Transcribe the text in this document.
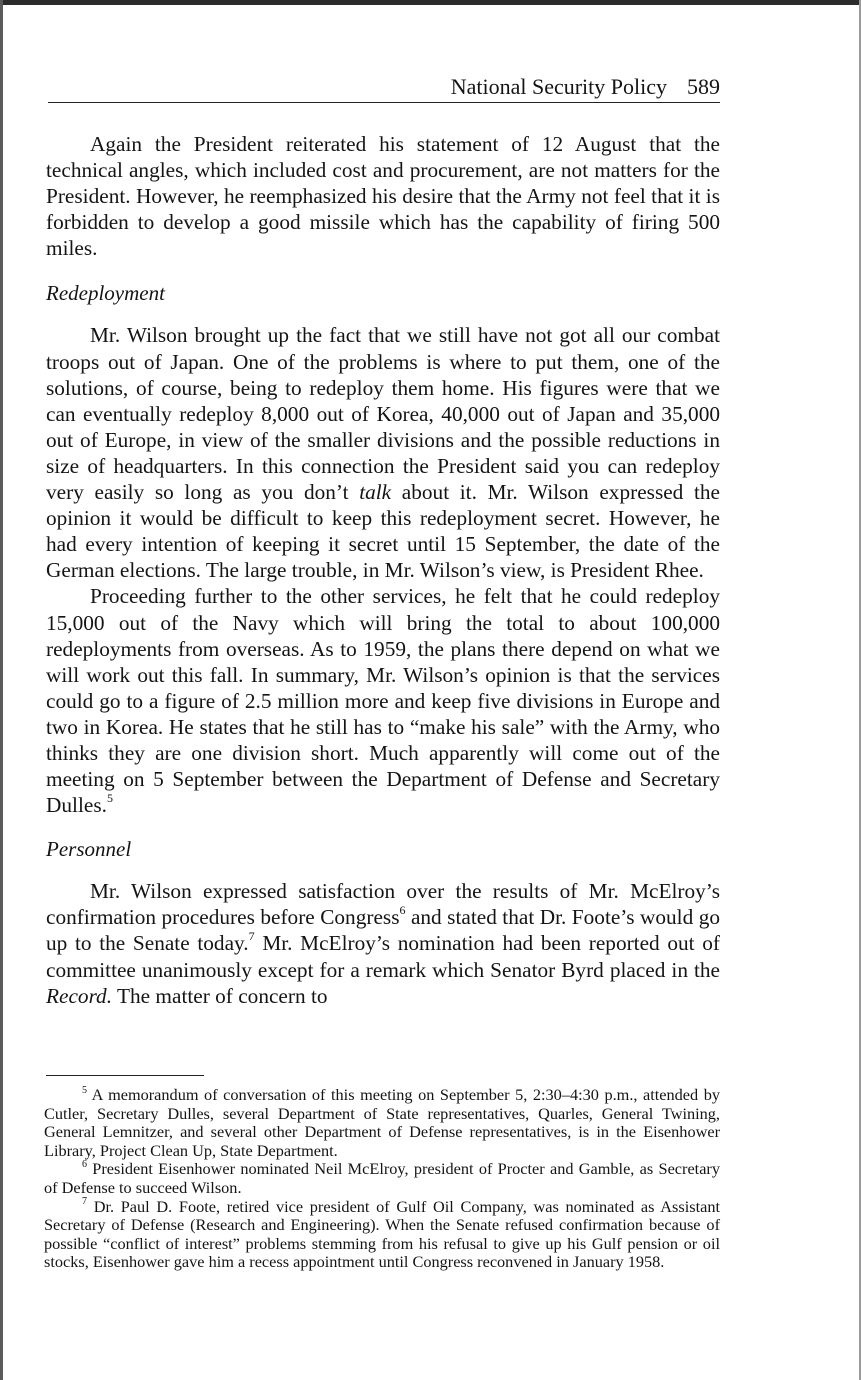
National Security Policy 589

Again the President reiterated his statement of 12 August that the technical angles, which included cost and procurement, are not matters for the President. However, he reemphasized his desire that the Army not feel that it is forbidden to develop a good missile which has the capability of firing 500 miles.

Redeployment

Mr. Wilson brought up the fact that we still have not got all our combat troops out of Japan. One of the problems is where to put them, one of the solutions, of course, being to redeploy them home. His figures were that we can eventually redeploy 8,000 out of Korea, 40,000 out of Japan and 35,000 out of Europe, in view of the smaller divisions and the possible reductions in size of headquarters. In this connection the President said you can redeploy very easily so long as you don’t talk about it. Mr. Wilson expressed the opinion it would be difficult to keep this redeployment secret. However, he had every intention of keeping it secret until 15 September, the date of the German elections. The large trouble, in Mr. Wilson’s view, is President Rhee.

Proceeding further to the other services, he felt that he could redeploy 15,000 out of the Navy which will bring the total to about 100,000 redeployments from overseas. As to 1959, the plans there depend on what we will work out this fall. In summary, Mr. Wilson’s opinion is that the services could go to a figure of 2.5 million more and keep five divisions in Europe and two in Korea. He states that he still has to “make his sale” with the Army, who thinks they are one division short. Much apparently will come out of the meeting on 5 September between the Department of Defense and Secretary Dulles.$^5$

Personnel

Mr. Wilson expressed satisfaction over the results of Mr. McElroy’s confirmation procedures before Congress$^6$ and stated that Dr. Foote’s would go up to the Senate today.$^7$ Mr. McElroy’s nomination had been reported out of committee unanimously except for a remark which Senator Byrd placed in the Record. The matter of concern to

$^5$ A memorandum of conversation of this meeting on September 5, 2:30–4:30 p.m., attended by Cutler, Secretary Dulles, several Department of State representatives, Quarles, General Twining, General Lemnitzer, and several other Department of Defense representatives, is in the Eisenhower Library, Project Clean Up, State Department.

$^6$ President Eisenhower nominated Neil McElroy, president of Procter and Gamble, as Secretary of Defense to succeed Wilson.

$^7$ Dr. Paul D. Foote, retired vice president of Gulf Oil Company, was nominated as Assistant Secretary of Defense (Research and Engineering). When the Senate refused confirmation because of possible “conflict of interest” problems stemming from his refusal to give up his Gulf pension or oil stocks, Eisenhower gave him a recess appointment until Congress reconvened in January 1958.
